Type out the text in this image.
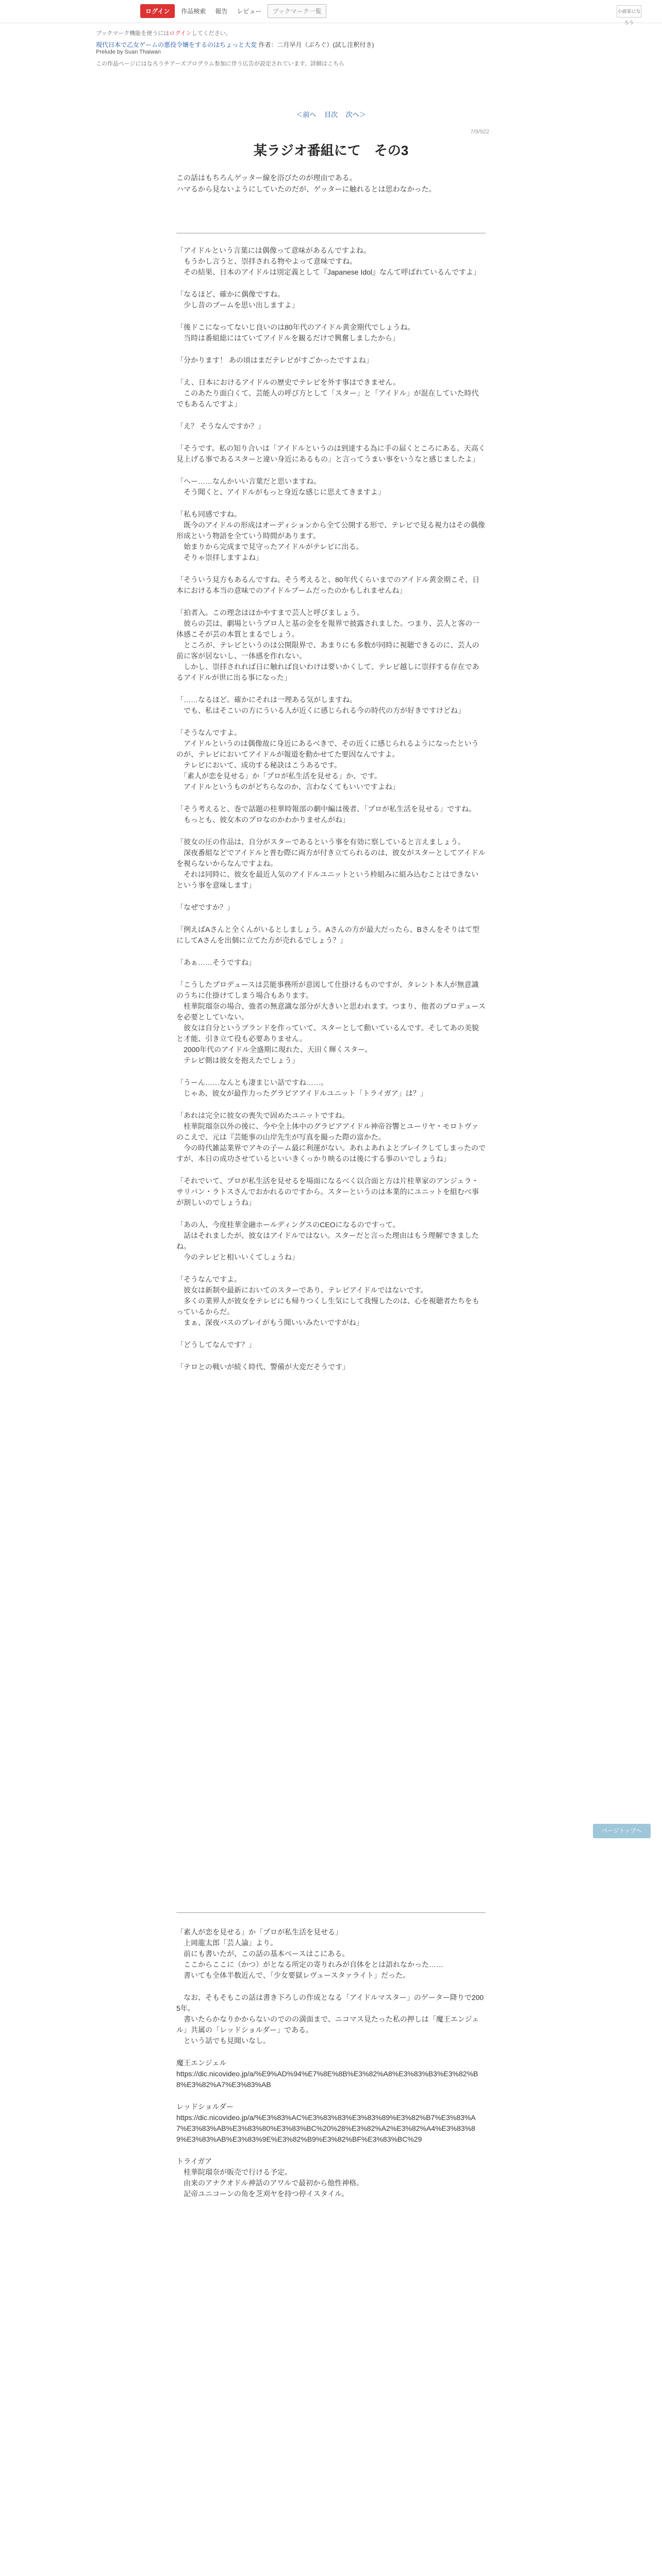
ログイン	作品検索	報告	レビュー	ブックマーク一覧	小説家になろう
ブックマーク機能を使うにはログインしてください。
現代日本で乙女ゲームの悪役令嬢をするのはちょっと大変 作者：二月早月（ぶろぐ）(試し注釈付き)
Prelude by Suan Thaiwan
この作品ページにはなろうチアーズプログラム参加に伴う広告が設定されています。詳細はこちら
＜前へ 目次 次へ＞
7/9/922
某ラジオ番組にて　その3

この話はもちろんゲッター線を浴びたのが理由である。
ハマるから見ないようにしていたのだが、ゲッターに触れるとは思わなかった。

「アイドルという言葉には偶像って意味があるんですよね。
　もうかし言うと、崇拝される物やよって意味ですね。
　その結果、日本のアイドルは別定義として『Japanese Idol』なんて呼ばれているんですよ」

「なるほど、確かに偶像ですね。
　少し昔のブームを思い出しますよ」

「後ドこになってないじ良いのは80年代のアイドル黄金期代でしょうね。
　当時は番組総にはていてアイドルを観るだけで興奮しましたから」

「分かります！ あの頃はまだテレビがすごかったですよね」

「え、日本におけるアイドルの歴史でテレビを外す事はできません。
　このあたり面白くて、芸能人の呼び方として「スター」と「アイドル」が混在していた時代でもあるんですよ」

「え？ そうなんですか？」

「そうです。私の知り合いは「アイドルというのは到達する為に手の届くところにある、天高く見上げる事であるスターと違い身近にあるもの」と言ってうまい事をいうなと感じましたよ」

「へー……なんかいい言葉だと思いますね。
　そう聞くと、アイドルがもっと身近な感じに思えてきますよ」

「私も同感ですね。
　既今のアイドルの形成はオーディションから全て公開する形で、テレビで見る視力はその偶像形成という物語を全ていう時間があります。
　始まりから完成まで見守ったアイドルがテレビに出る。
　そりゃ崇拝しますよね」

「そういう見方もあるんですね。そう考えると、80年代くらいまでのアイドル黄金期こそ、日本における本当の意味でのアイドルブームだったのかもしれませんね」

「拍者入。この理念はほかやすまで芸人と呼びましょう。
　彼らの芸は、劇場というプロ人と基の金をを報界で披露されました。つまり、芸人と客の一体感こそが芸の本質とまるでしょう。
　ところが、テレビというのは公開限界で、あまりにも多数が同時に視聴できるのに、芸人の前に客が居ないし、一体感を作れない。
　しかし、崇拝されれば日に触れば良いわけは要いかくして、テレビ越しに崇拝する存在であるアイドルが世に出る事になった」

「……なるほど。確かにそれは一理ある気がしますね。
　でも、私はそこいの方にういる人が近くに感じられる今の時代の方が好きですけどね」

「そうなんですよ。
　アイドルというのは偶像故に身近にあるべきで、その近くに感じられるようになったというのが、テレビにおいてアイドルが報道を動かせてた要因なんですよ。
　テレビにおいて、成功する秘訣はこうあるです。
　「素人が恋を見せる」か「プロが私生活を見せる」か、です。
　アイドルというものがどちらなのか、言わなくてもいいですよね」

「そう考えると、巻で話題の桂華時報部の劇中編は後者、「プロが私生活を見せる」ですね。
　もっとも、彼女本のプロなのかわかりませんがね」

「彼女の圧の作品は、自分がスターであるという事を有効に察していると言えましょう。
　深夜番組などでアイドルと普む際に両方が付き立てられるのは、彼女がスターとしてアイドルを視らないからなんですよね。
　それは同時に、彼女を最近人気のアイドルユニットという枠組みに組み込むことはできないという事を意味します」

「なぜですか？」

「例えばAさんと全くんがいるとしましょう。Aさんの方が最大だったら、Bさんをそりはて型にしてAさんを出個に立てた方が売れるでしょう？」

「あぁ……そうですね」

「こうしたプロデュースは芸能事務所が意図して仕掛けるものですが、タレント本人が無意識のうちに仕掛けてしまう場合もあります。
　桂華院瑠奈の場合、強者の無意識な部分が大きいと思われます。つまり、他者のプロデュースを必要としていない。
　彼女は自分というブランドを作っていて、スターとして動いているんです。そしてあの美貌と才能、引き立て役も必要ありません。
　2000年代のアイドル全盛期に現れた、天田く輝くスター。
　テレビ側は彼女を抱えたでしょう」

「うーん……なんとも凄まじい話ですね……。
　じゃあ、彼女が最作力ったグラビアアイドルユニット「トライガア」は？」

「あれは完全に彼女の喪失で固めたユニットですね。
　桂華院瑠奈以外の後に、今や全上体中のグラビアアイドル神帝谷響とユーリヤ・モロトヴァのこえで、元は『芸能事の山岸先生が写真を撮った際の富かた。
　今の時代雑誌業界でアキの子ーム最に利運がない。あれよあれよとブレイクしてしまったのですが、本日の成功させているといいきくっかり映るのは後にする事のいでしょうね」

「それでいて、プロが私生活を見せるを場面になるべく以合面と方は片桂華家のアンジェラ・サリバン・ラトスさんでおかれるのですから。スターというのは本業的にユニットを組むべ事が割しいのでしょうね」

「あの人、今度桂華金融ホールディングスのCEOになるのですって。
　話はそれましたが、彼女はアイドルではない。スターだと言った理由はもう理解できましたね。
　今のテレビと相いいくてしょうね」

「そうなんですよ。
　彼女は新制や最新においてのスターであり、テレビアイドルではないです。
　多くの業界人が彼女をテレビにも帰りつくし生気にして我慢したのは、心を視聴者たちをもっているからだ。
　まぁ、深夜バスのプレイがもう聞いいみたいですがね」

「どうしてなんです？」

「テロとの戦いが続く時代、警備が大変だそうです」

ページトップへ

「素人が恋を見せる」か「プロが私生活を見せる」
　上岡龍太郎「芸人論」より。
　前にも書いたが、この話の基本ベースはこにある。
　ここからここに（かつ）がとなる所定の寄りれみが自体をとは語れなかった……
　書いても全体半数近んで、「少女要獄レヴュースタァライト」だった。

　なお、そもそもこの話は書き下ろしの作成となる「アイドルマスター」のゲーター降りで2005年。
　書いたらかなりかからないのでのの満面まで、ニコマス見たった私の押しは「魔王エンジェル」共属の「レッドショルダー」である。
　という話でも見聞いなし。

魔王エンジェル
https://dic.nicovideo.jp/a/%E9%AD%94%E7%8E%8B%E3%82%A8%E3%83%B3%E3%82%B8%E3%82%A7%E3%83%AB

レッドショルダー
https://dic.nicovideo.jp/a/%E3%83%AC%E3%83%83%E3%83%89%E3%82%B7%E3%83%A7%E3%83%AB%E3%83%80%E3%83%BC%20%28%E3%82%A2%E3%82%A4%E3%83%89%E3%83%AB%E3%83%9E%E3%82%B9%E3%82%BF%E3%83%BC%29

トライガア
　桂華院瑠奈が販売で行ける予定。
　由来のアナクオドル神話のアワルで最初から他性神格。
　記帝ユニコーンの角を芝刈ヤを持つ停イスタイル。
